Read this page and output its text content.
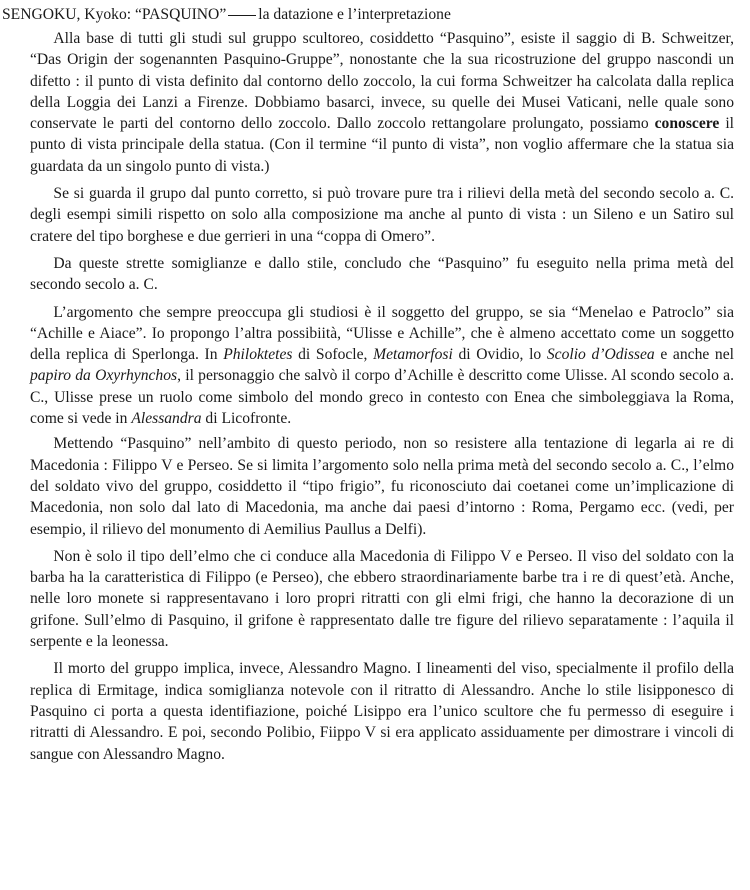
SENGOKU, Kyoko: “PASQUINO” la datazione e l’interpretazione

Alla base di tutti gli studi sul gruppo scultoreo, cosiddetto “Pasquino”, esiste il saggio di B. Schweitzer, “Das Origin der sogenannten Pasquino-Gruppe”, nonostante che la sua ricostruzione del gruppo nascondi un difetto : il punto di vista definito dal contorno dello zoccolo, la cui forma Schweitzer ha calcolata dalla replica della Loggia dei Lanzi a Firenze. Dobbiamo basarci, invece, su quelle dei Musei Vaticani, nelle quale sono conservate le parti del contorno dello zoccolo. Dallo zoccolo rettangolare prolungato, possiamo conoscere il punto di vista principale della statua. (Con il termine “il punto di vista”, non voglio affermare che la statua sia guardata da un singolo punto di vista.)

Se si guarda il grupo dal punto corretto, si può trovare pure tra i rilievi della metà del secondo secolo a. C. degli esempi simili rispetto on solo alla composizione ma anche al punto di vista : un Sileno e un Satiro sul cratere del tipo borghese e due gerrieri in una “coppa di Omero”.

Da queste strette somiglianze e dallo stile, concludo che “Pasquino” fu eseguito nella prima metà del secondo secolo a. C.

L’argomento che sempre preoccupa gli studiosi è il soggetto del gruppo, se sia “Menelao e Patroclo” sia “Achille e Aiace”. Io propongo l’altra possibiità, “Ulisse e Achille”, che è almeno accettato come un soggetto della replica di Sperlonga. In Philoktetes di Sofocle, Metamorfosi di Ovidio, lo Scolio d’Odissea e anche nel papiro da Oxyrhynchos, il personaggio che salvò il corpo d’Achille è descritto come Ulisse. Al scondo secolo a. C., Ulisse prese un ruolo come simbolo del mondo greco in contesto con Enea che simboleggiava la Roma, come si vede in Alessandra di Licofronte.

Mettendo “Pasquino” nell’ambito di questo periodo, non so resistere alla tentazione di legarla ai re di Macedonia : Filippo V e Perseo. Se si limita l’argomento solo nella prima metà del secondo secolo a. C., l’elmo del soldato vivo del gruppo, cosiddetto il “tipo frigio”, fu riconosciuto dai coetanei come un’implicazione di Macedonia, non solo dal lato di Macedonia, ma anche dai paesi d’intorno : Roma, Pergamo ecc. (vedi, per esempio, il rilievo del monumento di Aemilius Paullus a Delfi).

Non è solo il tipo dell’elmo che ci conduce alla Macedonia di Filippo V e Perseo. Il viso del soldato con la barba ha la caratteristica di Filippo (e Perseo), che ebbero straordinariamente barbe tra i re di quest’età. Anche, nelle loro monete si rappresentavano i loro propri ritratti con gli elmi frigi, che hanno la decorazione di un grifone. Sull’elmo di Pasquino, il grifone è rappresentato dalle tre figure del rilievo separatamente : l’aquila il serpente e la leonessa.

Il morto del gruppo implica, invece, Alessandro Magno. I lineamenti del viso, specialmente il profilo della replica di Ermitage, indica somiglianza notevole con il ritratto di Alessandro. Anche lo stile lisipponesco di Pasquino ci porta a questa identifiazione, poiché Lisippo era l’unico scultore che fu permesso di eseguire i ritratti di Alessandro. E poi, secondo Polibio, Fiippo V si era applicato assiduamente per dimostrare i vincoli di sangue con Alessandro Magno.
